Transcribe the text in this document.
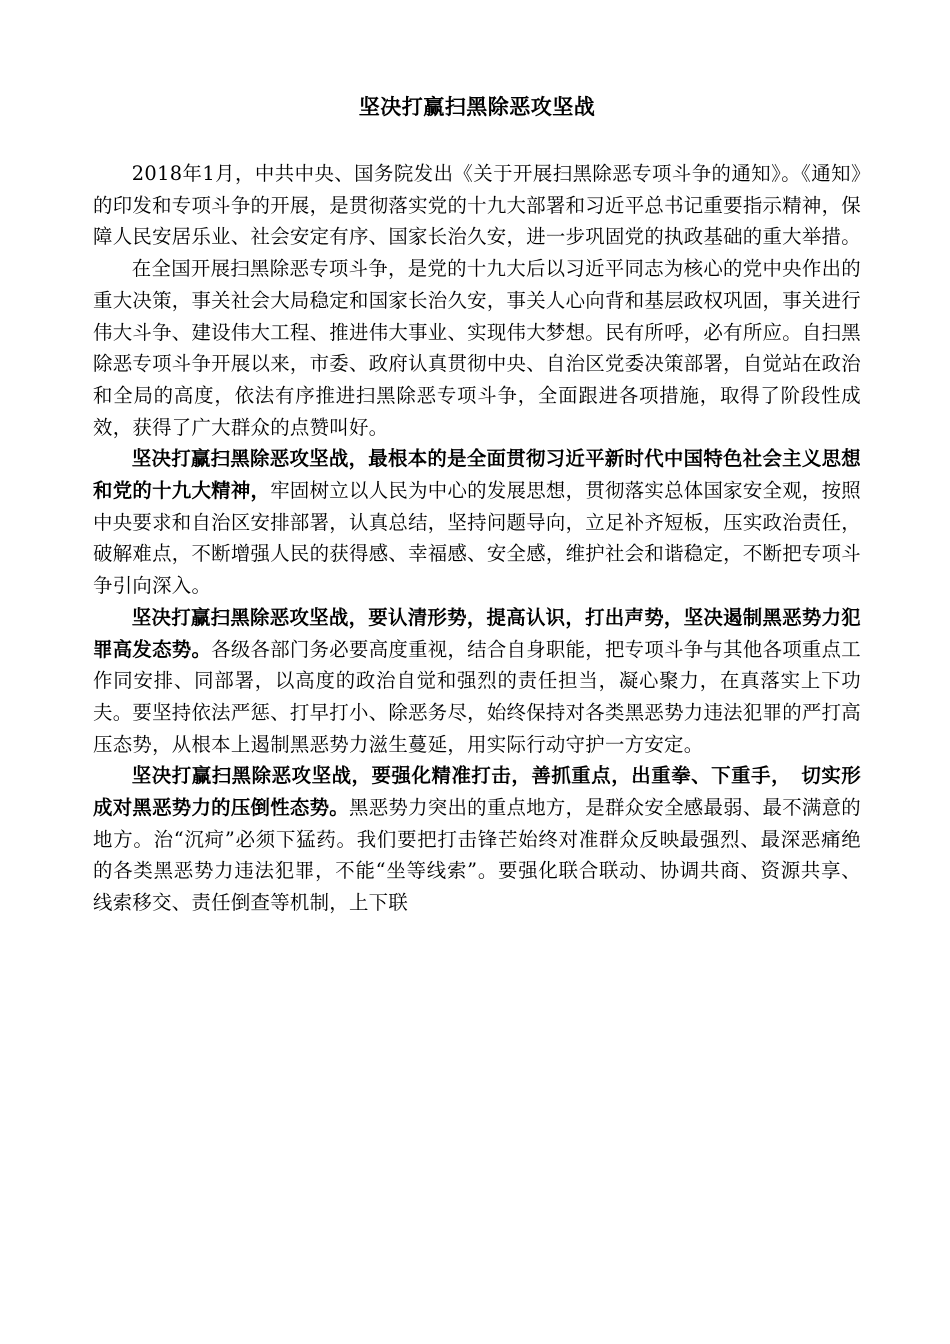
坚决打赢扫黑除恶攻坚战

2018年1月，中共中央、国务院发出《关于开展扫黑除恶专项斗争的通知》。《通知》的印发和专项斗争的开展，是贯彻落实党的十九大部署和习近平总书记重要指示精神，保障人民安居乐业、社会安定有序、国家长治久安，进一步巩固党的执政基础的重大举措。

在全国开展扫黑除恶专项斗争，是党的十九大后以习近平同志为核心的党中央作出的重大决策，事关社会大局稳定和国家长治久安，事关人心向背和基层政权巩固，事关进行伟大斗争、建设伟大工程、推进伟大事业、实现伟大梦想。民有所呼，必有所应。自扫黑除恶专项斗争开展以来，市委、政府认真贯彻中央、自治区党委决策部署，自觉站在政治和全局的高度，依法有序推进扫黑除恶专项斗争，全面跟进各项措施，取得了阶段性成效，获得了广大群众的点赞叫好。

坚决打赢扫黑除恶攻坚战，最根本的是全面贯彻习近平新时代中国特色社会主义思想和党的十九大精神，牢固树立以人民为中心的发展思想，贯彻落实总体国家安全观，按照中央要求和自治区安排部署，认真总结，坚持问题导向，立足补齐短板，压实政治责任，破解难点，不断增强人民的获得感、幸福感、安全感，维护社会和谐稳定，不断把专项斗争引向深入。

坚决打赢扫黑除恶攻坚战，要认清形势，提高认识，打出声势，坚决遏制黑恶势力犯罪高发态势。各级各部门务必要高度重视，结合自身职能，把专项斗争与其他各项重点工作同安排、同部署，以高度的政治自觉和强烈的责任担当，凝心聚力，在真落实上下功夫。要坚持依法严惩、打早打小、除恶务尽，始终保持对各类黑恶势力违法犯罪的严打高压态势，从根本上遏制黑恶势力滋生蔓延，用实际行动守护一方安定。

坚决打赢扫黑除恶攻坚战，要强化精准打击，善抓重点，出重拳、下重手，　切实形成对黑恶势力的压倒性态势。黑恶势力突出的重点地方，是群众安全感最弱、最不满意的地方。治“沉疴”必须下猛药。我们要把打击锋芒始终对准群众反映最强烈、最深恶痛绝的各类黑恶势力违法犯罪，不能“坐等线索”。要强化联合联动、协调共商、资源共享、线索移交、责任倒查等机制，上下联
